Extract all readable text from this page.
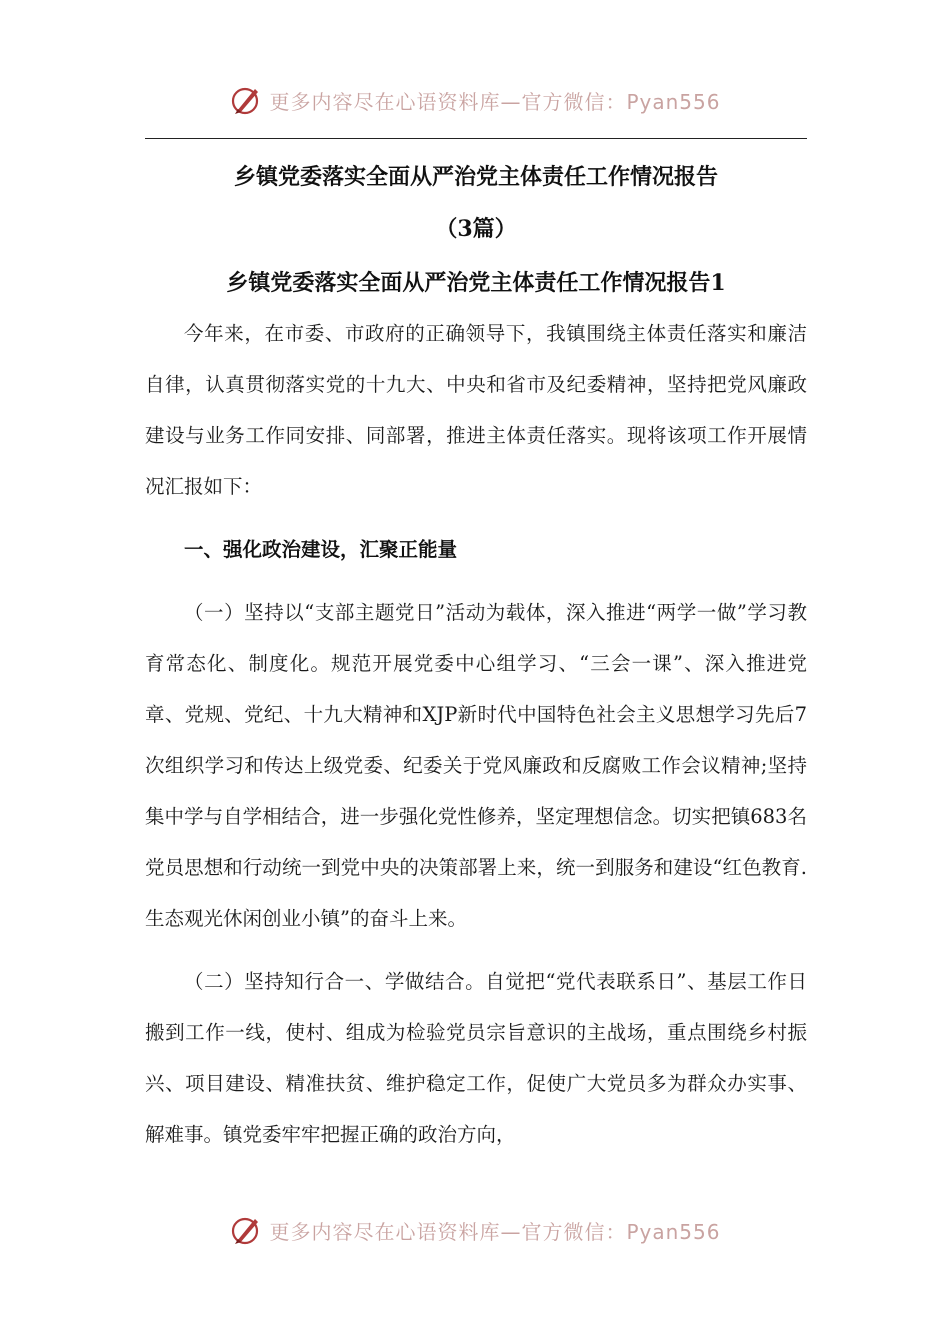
更多内容尽在心语资料库—官方微信：Pyan556
乡镇党委落实全面从严治党主体责任工作情况报告
（3篇）
乡镇党委落实全面从严治党主体责任工作情况报告1

今年来，在市委、市政府的正确领导下，我镇围绕主体责任落实和廉洁自律，认真贯彻落实党的十九大、中央和省市及纪委精神，坚持把党风廉政建设与业务工作同安排、同部署，推进主体责任落实。现将该项工作开展情况汇报如下：

一、强化政治建设，汇聚正能量

（一）坚持以“支部主题党日”活动为载体，深入推进“两学一做”学习教育常态化、制度化。规范开展党委中心组学习、“三会一课”、深入推进党章、党规、党纪、十九大精神和XJP新时代中国特色社会主义思想学习先后7次组织学习和传达上级党委、纪委关于党风廉政和反腐败工作会议精神;坚持集中学与自学相结合，进一步强化党性修养，坚定理想信念。切实把镇683名党员思想和行动统一到党中央的决策部署上来，统一到服务和建设“红色教育.生态观光休闲创业小镇”的奋斗上来。

（二）坚持知行合一、学做结合。自觉把“党代表联系日”、基层工作日搬到工作一线，使村、组成为检验党员宗旨意识的主战场，重点围绕乡村振兴、项目建设、精准扶贫、维护稳定工作，促使广大党员多为群众办实事、解难事。镇党委牢牢把握正确的政治方向，

更多内容尽在心语资料库—官方微信：Pyan556
